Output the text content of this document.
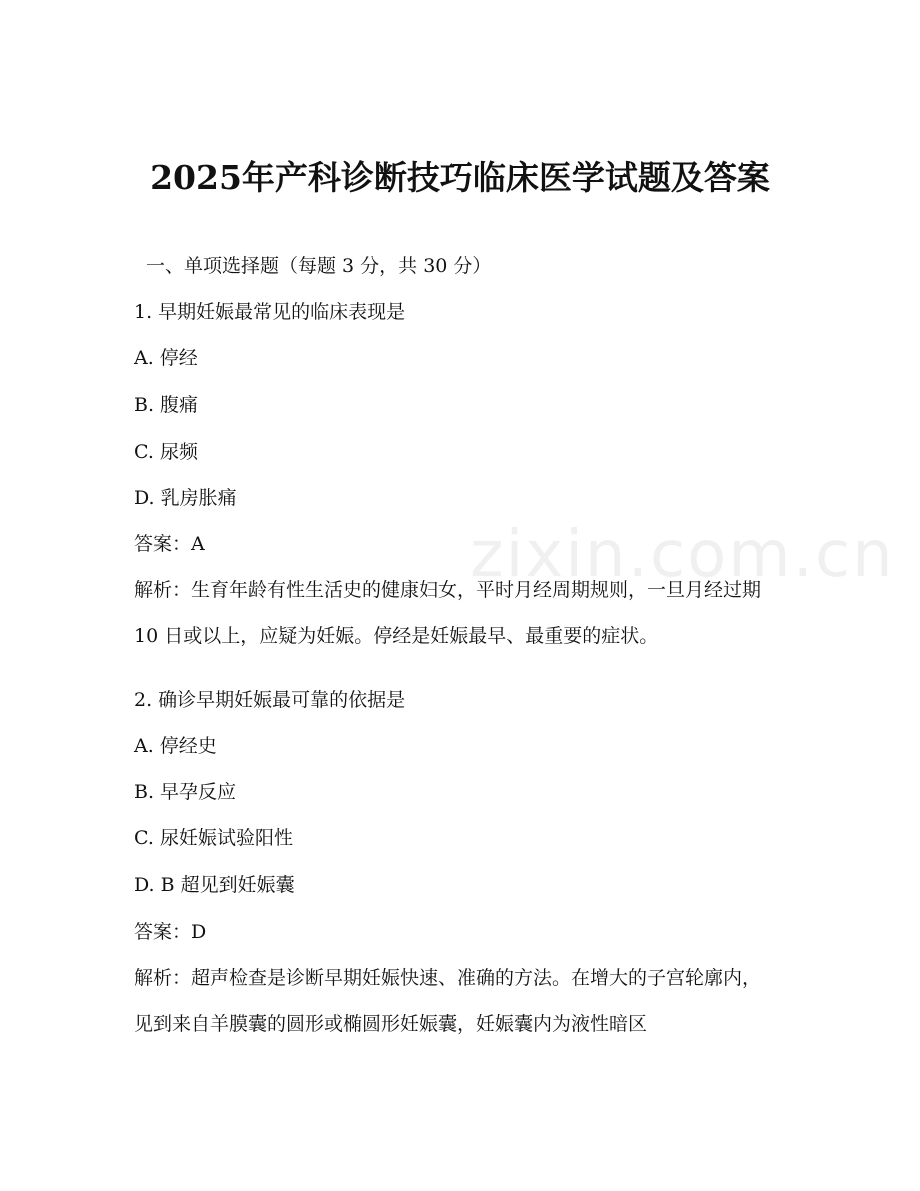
2025年产科诊断技巧临床医学试题及答案
一、单项选择题（每题 3 分，共 30 分）
1. 早期妊娠最常见的临床表现是
A. 停经
B. 腹痛
C. 尿频
D. 乳房胀痛
答案：A
解析：生育年龄有性生活史的健康妇女，平时月经周期规则，一旦月经过期 10 日或以上，应疑为妊娠。停经是妊娠最早、最重要的症状。
2. 确诊早期妊娠最可靠的依据是
A. 停经史
B. 早孕反应
C. 尿妊娠试验阳性
D. B 超见到妊娠囊
答案：D
解析：超声检查是诊断早期妊娠快速、准确的方法。在增大的子宫轮廓内，见到来自羊膜囊的圆形或椭圆形妊娠囊，妊娠囊内为液性暗区
zixin.com.cn
